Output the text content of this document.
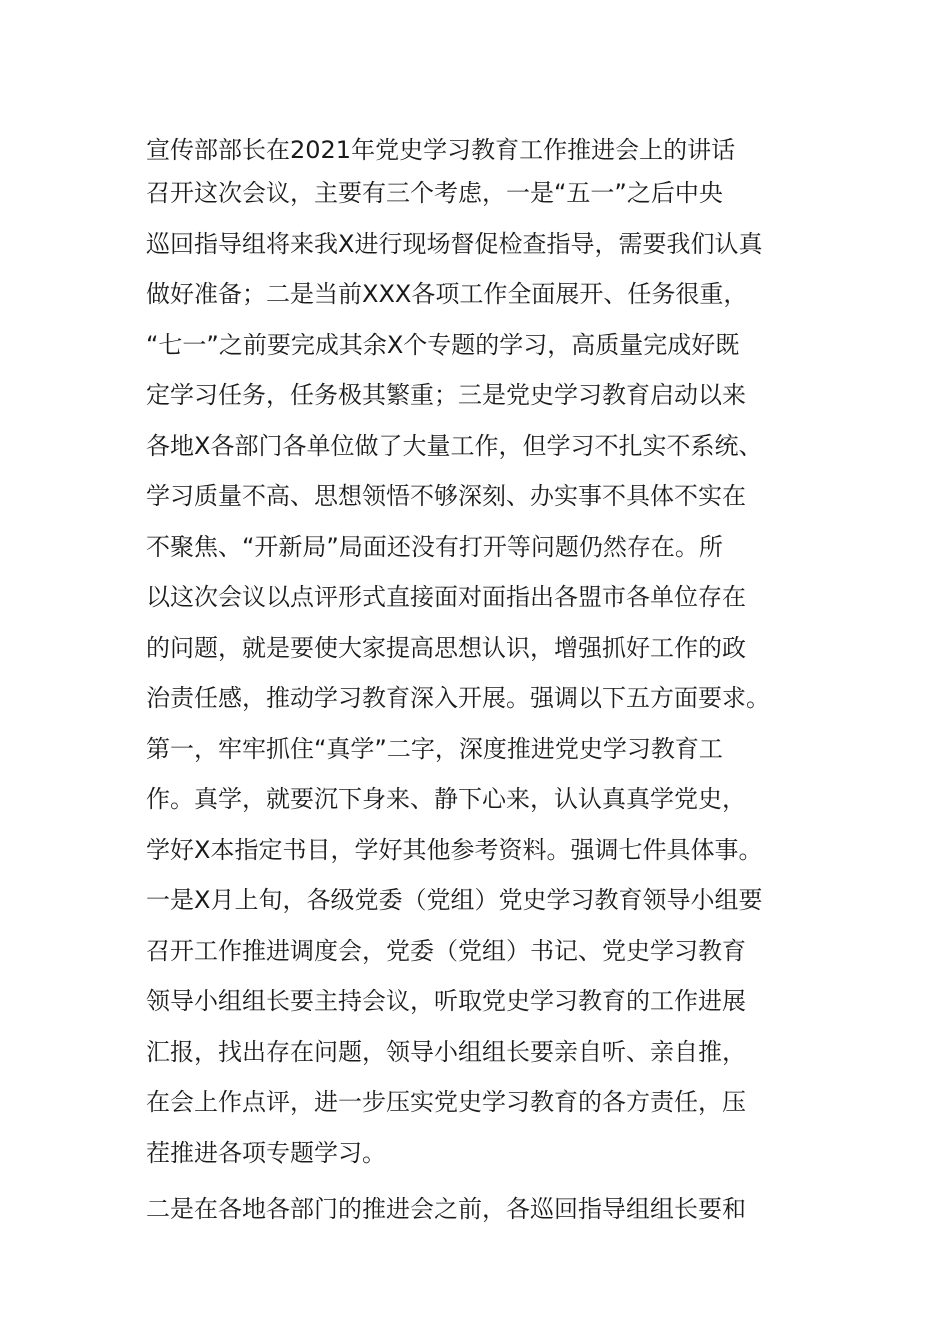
宣传部部长在2021年党史学习教育工作推进会上的讲话
召开这次会议，主要有三个考虑，一是“五一”之后中央
巡回指导组将来我X进行现场督促检查指导，需要我们认真
做好准备；二是当前XXX各项工作全面展开、任务很重，
“七一”之前要完成其余X个专题的学习，高质量完成好既
定学习任务，任务极其繁重；三是党史学习教育启动以来
各地X各部门各单位做了大量工作，但学习不扎实不系统、
学习质量不高、思想领悟不够深刻、办实事不具体不实在
不聚焦、“开新局”局面还没有打开等问题仍然存在。所
以这次会议以点评形式直接面对面指出各盟市各单位存在
的问题，就是要使大家提高思想认识，增强抓好工作的政
治责任感，推动学习教育深入开展。强调以下五方面要求。
第一，牢牢抓住“真学”二字，深度推进党史学习教育工
作。真学，就要沉下身来、静下心来，认认真真学党史，
学好X本指定书目，学好其他参考资料。强调七件具体事。
一是X月上旬，各级党委（党组）党史学习教育领导小组要
召开工作推进调度会，党委（党组）书记、党史学习教育
领导小组组长要主持会议，听取党史学习教育的工作进展
汇报，找出存在问题，领导小组组长要亲自听、亲自推，
在会上作点评，进一步压实党史学习教育的各方责任，压
茬推进各项专题学习。
二是在各地各部门的推进会之前，各巡回指导组组长要和
